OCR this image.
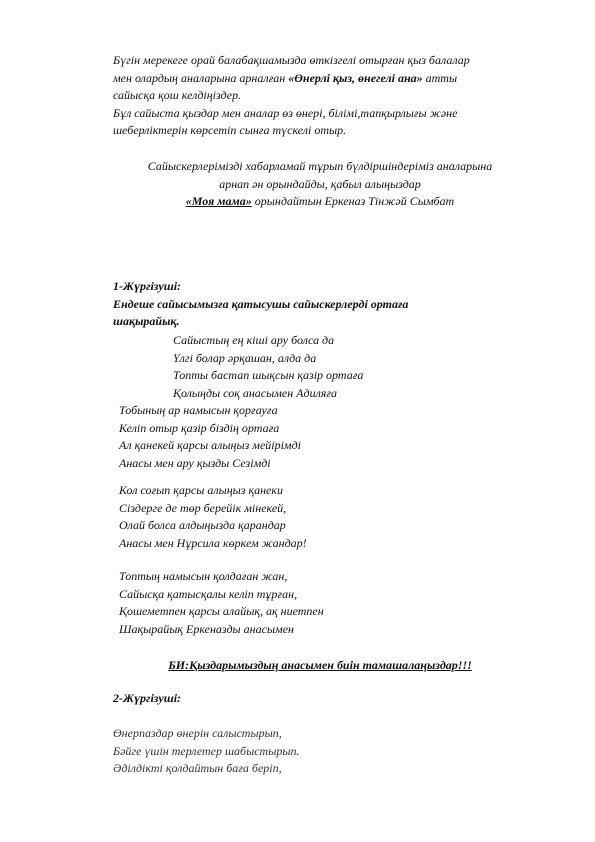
Бүгін мерекеге орай балабақшамызда өткізгелі отырған қыз балалар
мен олардың аналарына арналған «Өнерлі қыз, өнегелі ана» атты
сайысқа қош келдіңіздер.
Бұл сайыста қыздар мен аналар өз өнері, білімі,тапқырлығы және
шеберліктерін көрсетіп сынға түскелі отыр.
Сайыскерлерімізді хабарламай тұрып бүлдіршіндеріміз аналарына
арнап ән орындайды, қабыл алыңыздар
«Моя мама» орындайтын Еркеназ Тінжәй Сымбат
1-Жүргізуші:
Ендеше сайысымызға қатысушы сайыскерлерді ортаға
шақырайық.
Сайыстың ең кіші ару болса да
Үлгі болар әрқашан, алда да
Топты бастап шықсын қазір ортаға
Қолыңды соқ анасымен Адиляға
Тобының ар намысын қорғауға
Келіп отыр қазір біздің ортаға
Ал қанекей қарсы алыңыз мейірімді
Анасы мен ару қызды Сезімді
Кол соғып қарсы алыңыз қанеки
Сіздерге де төр берейік мінекей,
Олай болса алдыңызда қарандар
Анасы мен Нұрсила көркем жандар!
Топтың намысын қолдаған жан,
Сайысқа қатысқалы келіп тұрған,
Қошеметпен қарсы алайық, ақ ниетпен
Шақырайық Еркеназды анасымен
БИ:Қыздарымыздың анасымен биін тамашалаңыздар!!!
2-Жүргізуші:
Өнерпаздар өнерін салыстырып,
Бәйге үшін терлетер шабыстырып.
Әділдікті қолдайтын баға беріп,
